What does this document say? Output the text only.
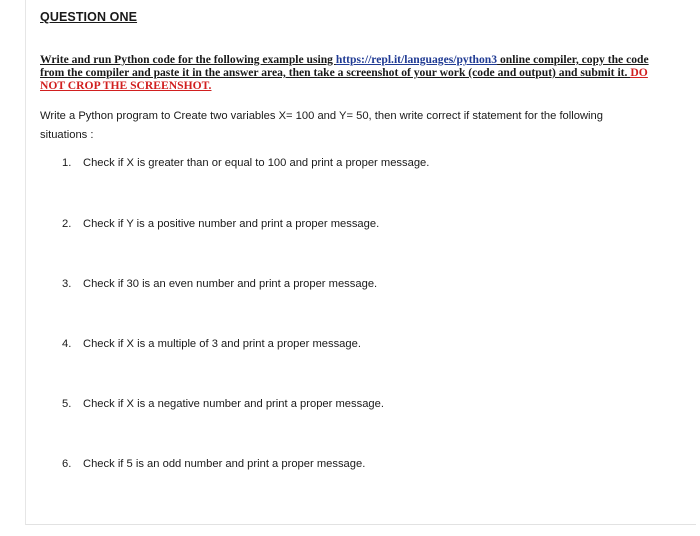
QUESTION ONE
Write and run Python code for the following example using https://repl.it/languages/python3 online compiler, copy the code from the compiler and paste it in the answer area, then take a screenshot of your work (code and output) and submit it. DO NOT CROP THE SCREENSHOT.
Write a Python program to Create two variables X= 100 and Y= 50, then write correct if statement for the following situations :
1. Check if X is greater than or equal to 100 and print a proper message.
2. Check if Y is a positive number and print a proper message.
3. Check if 30 is an even number and print a proper message.
4. Check if X is a multiple of 3 and print a proper message.
5. Check if X is a negative number and print a proper message.
6. Check if 5 is an odd number and print a proper message.
